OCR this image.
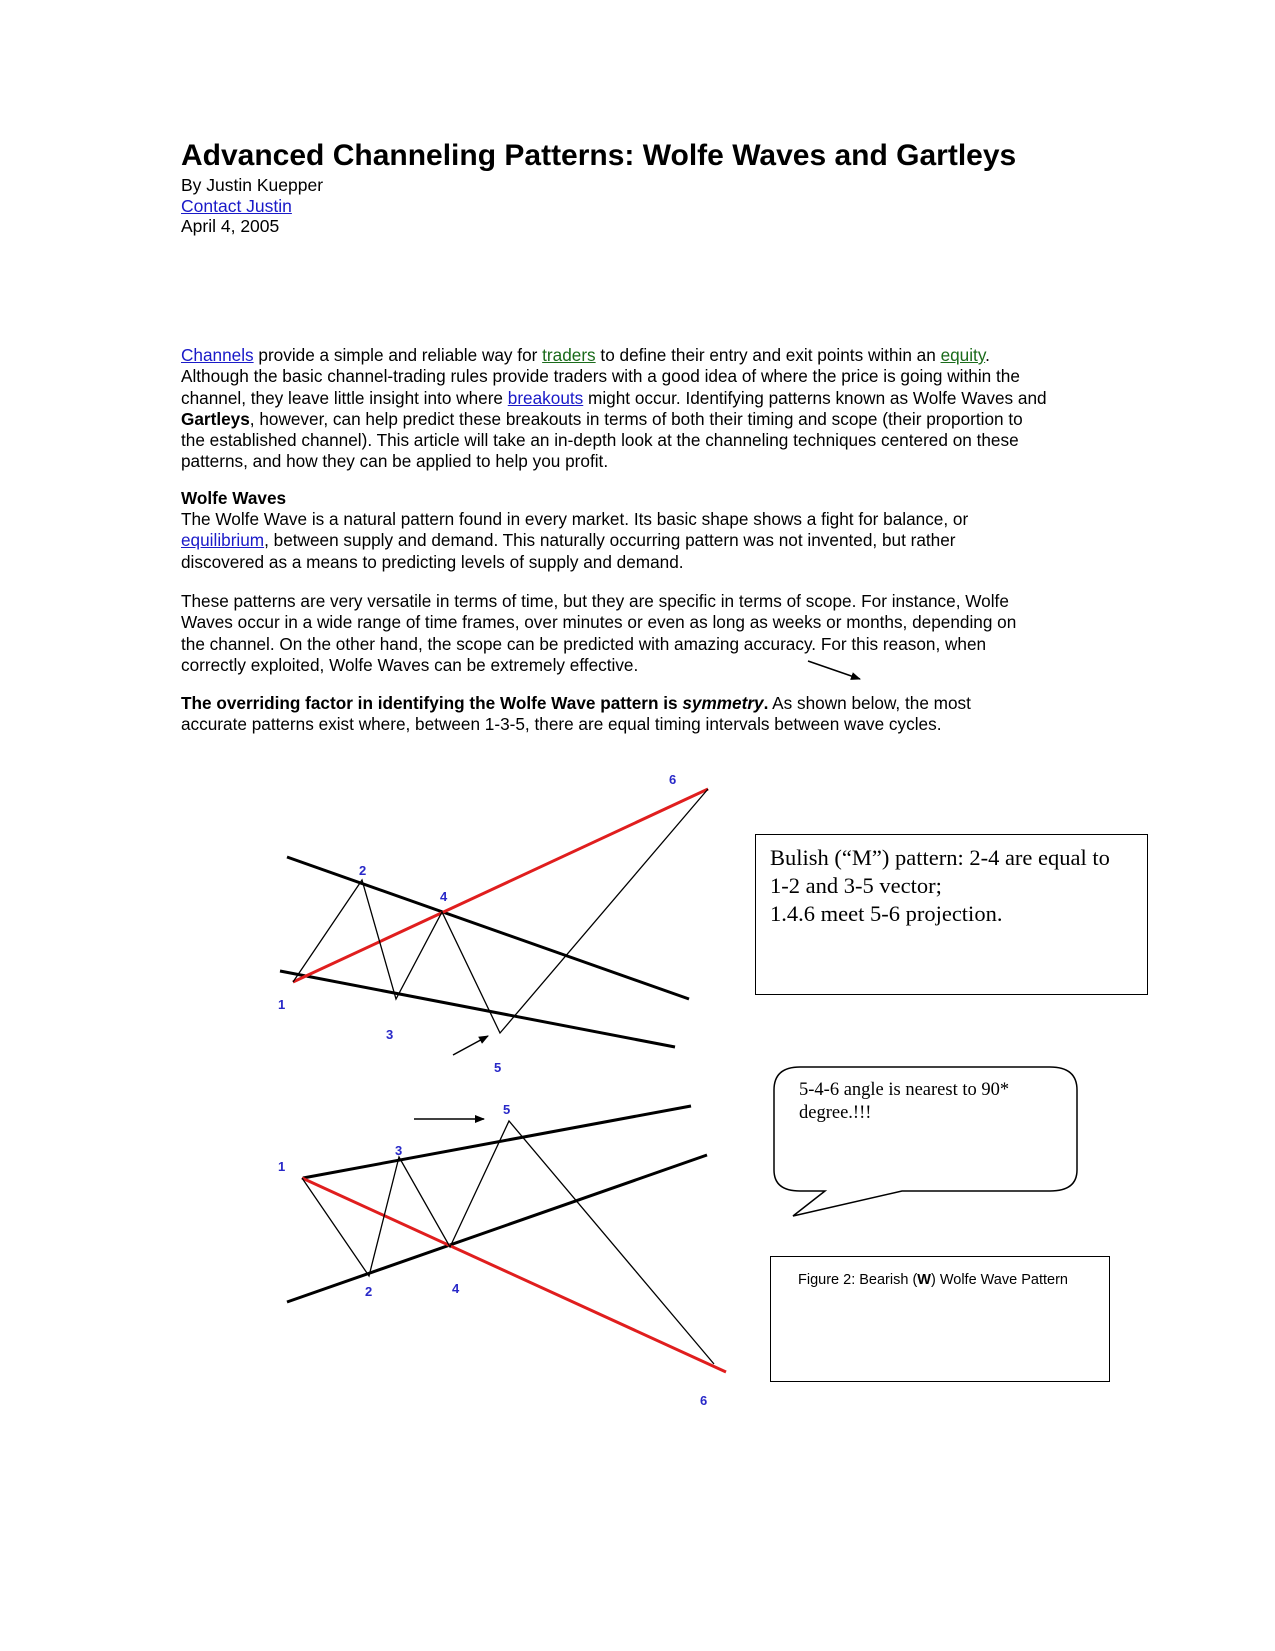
Advanced Channeling Patterns: Wolfe Waves and Gartleys
By Justin Kuepper
Contact Justin
April 4, 2005
Channels provide a simple and reliable way for traders to define their entry and exit points within an equity. Although the basic channel-trading rules provide traders with a good idea of where the price is going within the channel, they leave little insight into where breakouts might occur. Identifying patterns known as Wolfe Waves and Gartleys, however, can help predict these breakouts in terms of both their timing and scope (their proportion to the established channel). This article will take an in-depth look at the channeling techniques centered on these patterns, and how they can be applied to help you profit.
Wolfe Waves
The Wolfe Wave is a natural pattern found in every market. Its basic shape shows a fight for balance, or equilibrium, between supply and demand. This naturally occurring pattern was not invented, but rather discovered as a means to predicting levels of supply and demand.
These patterns are very versatile in terms of time, but they are specific in terms of scope. For instance, Wolfe Waves occur in a wide range of time frames, over minutes or even as long as weeks or months, depending on the channel. On the other hand, the scope can be predicted with amazing accuracy. For this reason, when correctly exploited, Wolfe Waves can be extremely effective.
The overriding factor in identifying the Wolfe Wave pattern is symmetry. As shown below, the most accurate patterns exist where, between 1-3-5, there are equal timing intervals between wave cycles.
1
2
3
4
5
6
1
2
3
4
5
6
Bulish (“M”) pattern: 2-4 are equal to 1-2 and 3-5 vector;
1.4.6 meet 5-6 projection.
5-4-6 angle is nearest to 90* degree.!!!
Figure 2: Bearish (W) Wolfe Wave Pattern
